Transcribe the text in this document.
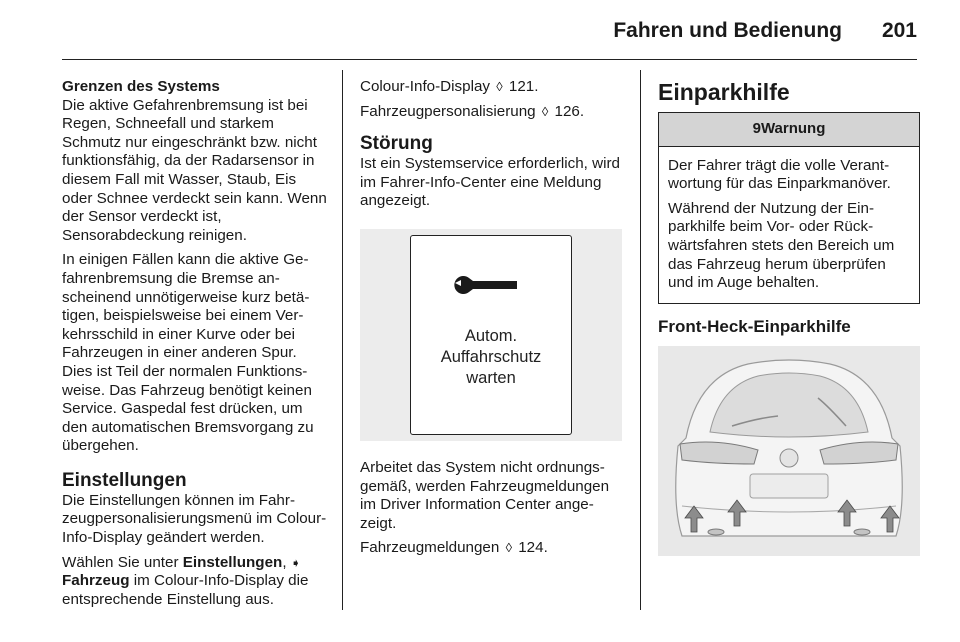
Fahren und Bedienung 201

Grenzen des Systems

Die aktive Gefahrenbremsung ist bei Regen, Schneefall und starkem Schmutz nur eingeschränkt bzw. nicht funktionsfähig, da der Radarsensor in diesem Fall mit Wasser, Staub, Eis oder Schnee verdeckt sein kann. Wenn der Sensor verdeckt ist, Sensorabdeckung reinigen.

In einigen Fällen kann die aktive Gefahrenbremsung die Bremse anscheinend unnötigerweise kurz betätigen, beispielsweise bei einem Verkehrsschild in einer Kurve oder bei Fahrzeugen in einer anderen Spur. Dies ist Teil der normalen Funktionsweise. Das Fahrzeug benötigt keinen Service. Gaspedal fest drücken, um den automatischen Bremsvorgang zu übergehen.

Einstellungen

Die Einstellungen können im Fahrzeugpersonalisierungsmenü im Colour-Info-Display geändert werden.

Wählen Sie unter Einstellungen, ➧ Fahrzeug im Colour-Info-Display die entsprechende Einstellung aus.

Colour-Info-Display ◊ 121.

Fahrzeugpersonalisierung ◊ 126.

Störung

Ist ein Systemservice erforderlich, wird im Fahrer-Info-Center eine Meldung angezeigt.

Autom.
Auffahrschutz
warten

Arbeitet das System nicht ordnungsgemäß, werden Fahrzeugmeldungen im Driver Information Center angezeigt.

Fahrzeugmeldungen ◊ 124.

Einparkhilfe
9Warnung

Der Fahrer trägt die volle Verantwortung für das Einparkmanöver.

Während der Nutzung der Einparkhilfe beim Vor- oder Rückwärtsfahren stets den Bereich um das Fahrzeug herum überprüfen und im Auge behalten.

Front-Heck-Einparkhilfe
